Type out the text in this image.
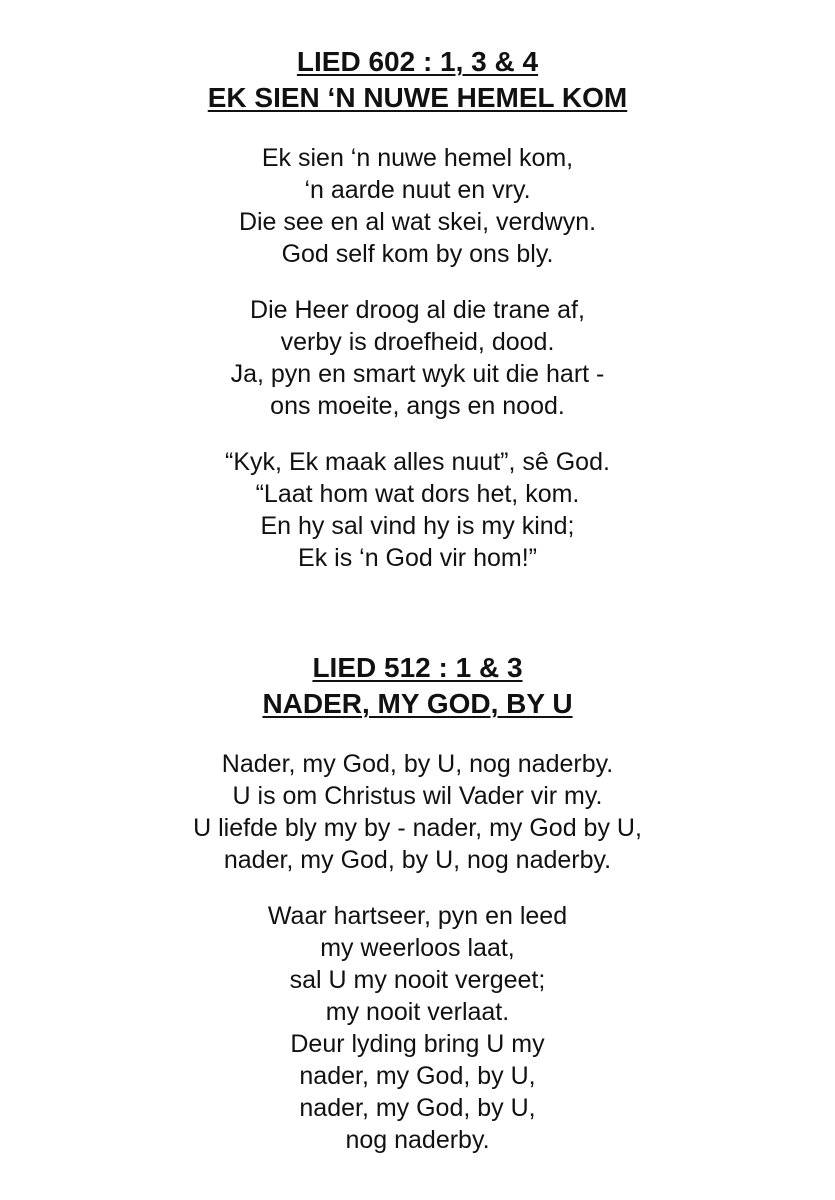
LIED 602 : 1, 3 & 4
EK SIEN ‘N NUWE HEMEL KOM
Ek sien ‘n nuwe hemel kom,
‘n aarde nuut en vry.
Die see en al wat skei, verdwyn.
God self kom by ons bly.
Die Heer droog al die trane af,
verby is droefheid, dood.
Ja, pyn en smart wyk uit die hart -
ons moeite, angs en nood.
“Kyk, Ek maak alles nuut”, sê God.
“Laat hom wat dors het, kom.
En hy sal vind hy is my kind;
Ek is ‘n God vir hom!”
LIED 512 : 1 & 3
NADER, MY GOD, BY U
Nader, my God, by U, nog naderby.
U is om Christus wil Vader vir my.
U liefde bly my by - nader, my God by U,
nader, my God, by U, nog naderby.
Waar hartseer, pyn en leed
my weerloos laat,
sal U my nooit vergeet;
my nooit verlaat.
Deur lyding bring U my
nader, my God, by U,
nader, my God, by U,
nog naderby.
